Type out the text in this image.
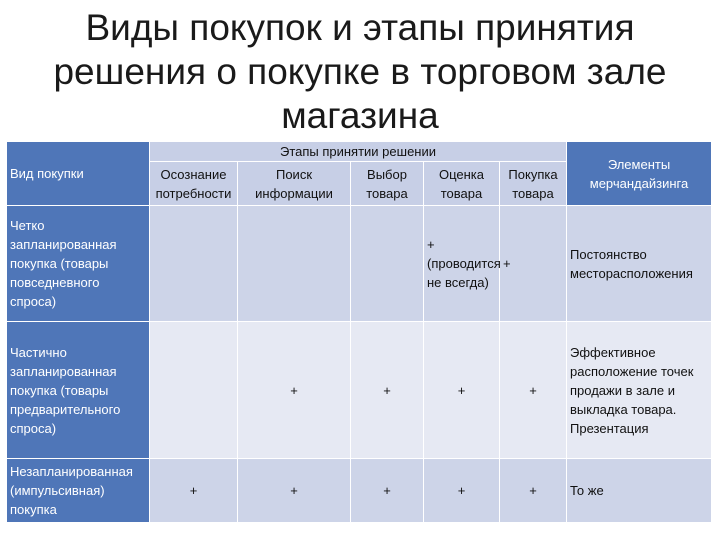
Виды покупок и этапы принятия
решения о покупке в торговом зале
магазина
Вид покупки	Этапы принятии решении					Элементы мерчандайзинга
	Осознание потребности	Поиск информации	Выбор товара	Оценка товара	Покупка товара	
Четко запланированная покупка (товары повседневного спроса)				+(проводится не всегда)	+	Постоянство месторасположения
Частично запланированная покупка (товары предварительного спроса)		+	+	+	+	Эффективное расположение точек продажи в зале и выкладка товара. Презентация
Незапланированная (импульсивная) покупка	+	+	+	+	+	То же
